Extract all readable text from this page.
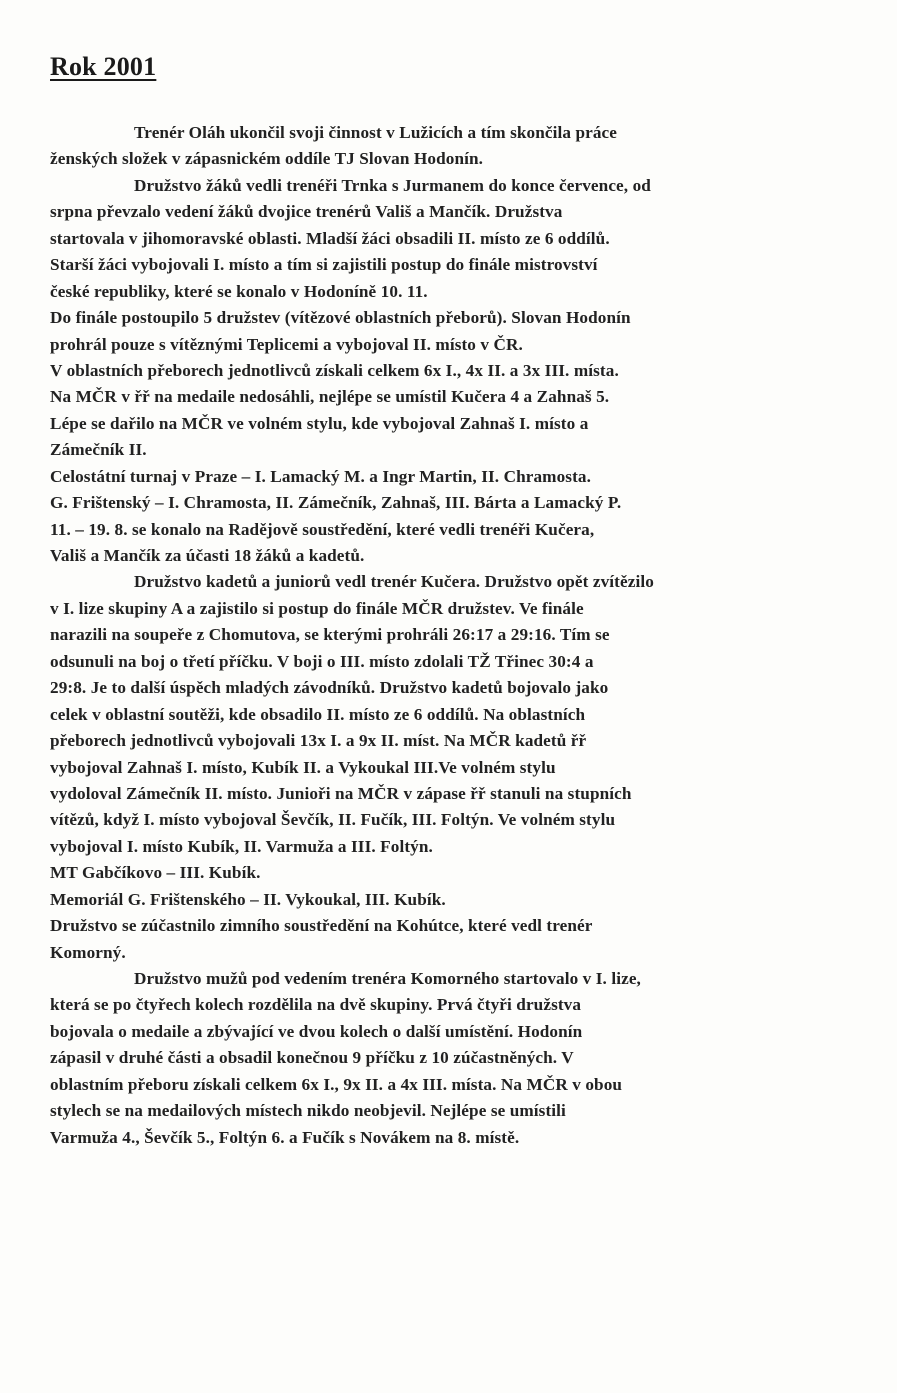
Rok 2001
Trenér Oláh ukončil svoji činnost v Lužicích a tím skončila práce
ženských složek v zápasnickém oddíle TJ Slovan Hodonín.
Družstvo žáků vedli trenéři Trnka s Jurmanem do konce července, od
srpna převzalo vedení žáků dvojice trenérů Vališ a Mančík. Družstva
startovala v jihomoravské oblasti. Mladší žáci obsadili II. místo ze 6 oddílů.
Starší žáci vybojovali I. místo a tím si zajistili postup do finále mistrovství
české republiky, které se konalo v Hodoníně 10. 11.
Do finále postoupilo 5 družstev (vítězové oblastních přeborů). Slovan Hodonín
prohrál pouze s vítěznými Teplicemi a vybojoval II. místo v ČR.
V oblastních přeborech jednotlivců získali celkem 6x I., 4x II. a 3x III. místa.
Na MČR v řř na medaile nedosáhli, nejlépe se umístil Kučera 4 a Zahnaš 5.
Lépe se dařilo na MČR ve volném stylu, kde vybojoval Zahnaš I. místo a
Zámečník II.
Celostátní turnaj v Praze – I. Lamacký M. a Ingr Martin, II. Chramosta.
G. Frištenský – I. Chramosta, II. Zámečník, Zahnaš, III. Bárta a Lamacký P.
11. – 19. 8. se konalo na Radějově soustředění, které vedli trenéři Kučera,
Vališ a Mančík za účasti 18 žáků a kadetů.
Družstvo kadetů a juniorů vedl trenér Kučera. Družstvo opět zvítězilo
v I. lize skupiny A a zajistilo si postup do finále MČR družstev. Ve finále
narazili na soupeře z Chomutova, se kterými prohráli 26:17 a 29:16. Tím se
odsunuli na boj o třetí příčku. V boji o III. místo zdolali TŽ Třinec 30:4 a
29:8. Je to další úspěch mladých závodníků. Družstvo kadetů bojovalo jako
celek v oblastní soutěži, kde obsadilo II. místo ze 6 oddílů. Na oblastních
přeborech jednotlivců vybojovali 13x I. a 9x II. míst. Na MČR kadetů řř
vybojoval Zahnaš I. místo, Kubík II. a Vykoukal III.Ve volném stylu
vydoloval Zámečník II. místo. Junioři na MČR v zápase řř stanuli na stupních
vítězů, když I. místo vybojoval Ševčík, II. Fučík, III. Foltýn. Ve volném stylu
vybojoval I. místo Kubík, II. Varmuža a III. Foltýn.
MT Gabčíkovo – III. Kubík.
Memoriál G. Frištenského – II. Vykoukal, III. Kubík.
Družstvo se zúčastnilo zimního soustředění na Kohútce, které vedl trenér
Komorný.
Družstvo mužů pod vedením trenéra Komorného startovalo v I. lize,
která se po čtyřech kolech rozdělila na dvě skupiny. Prvá čtyři družstva
bojovala o medaile a zbývající ve dvou kolech o další umístění. Hodonín
zápasil v druhé části a obsadil konečnou 9 příčku z 10 zúčastněných. V
oblastním přeboru získali celkem 6x I., 9x II. a 4x III. místa. Na MČR v obou
stylech se na medailových místech nikdo neobjevil. Nejlépe se umístili
Varmuža 4., Ševčík 5., Foltýn 6. a Fučík s Novákem na 8. místě.
